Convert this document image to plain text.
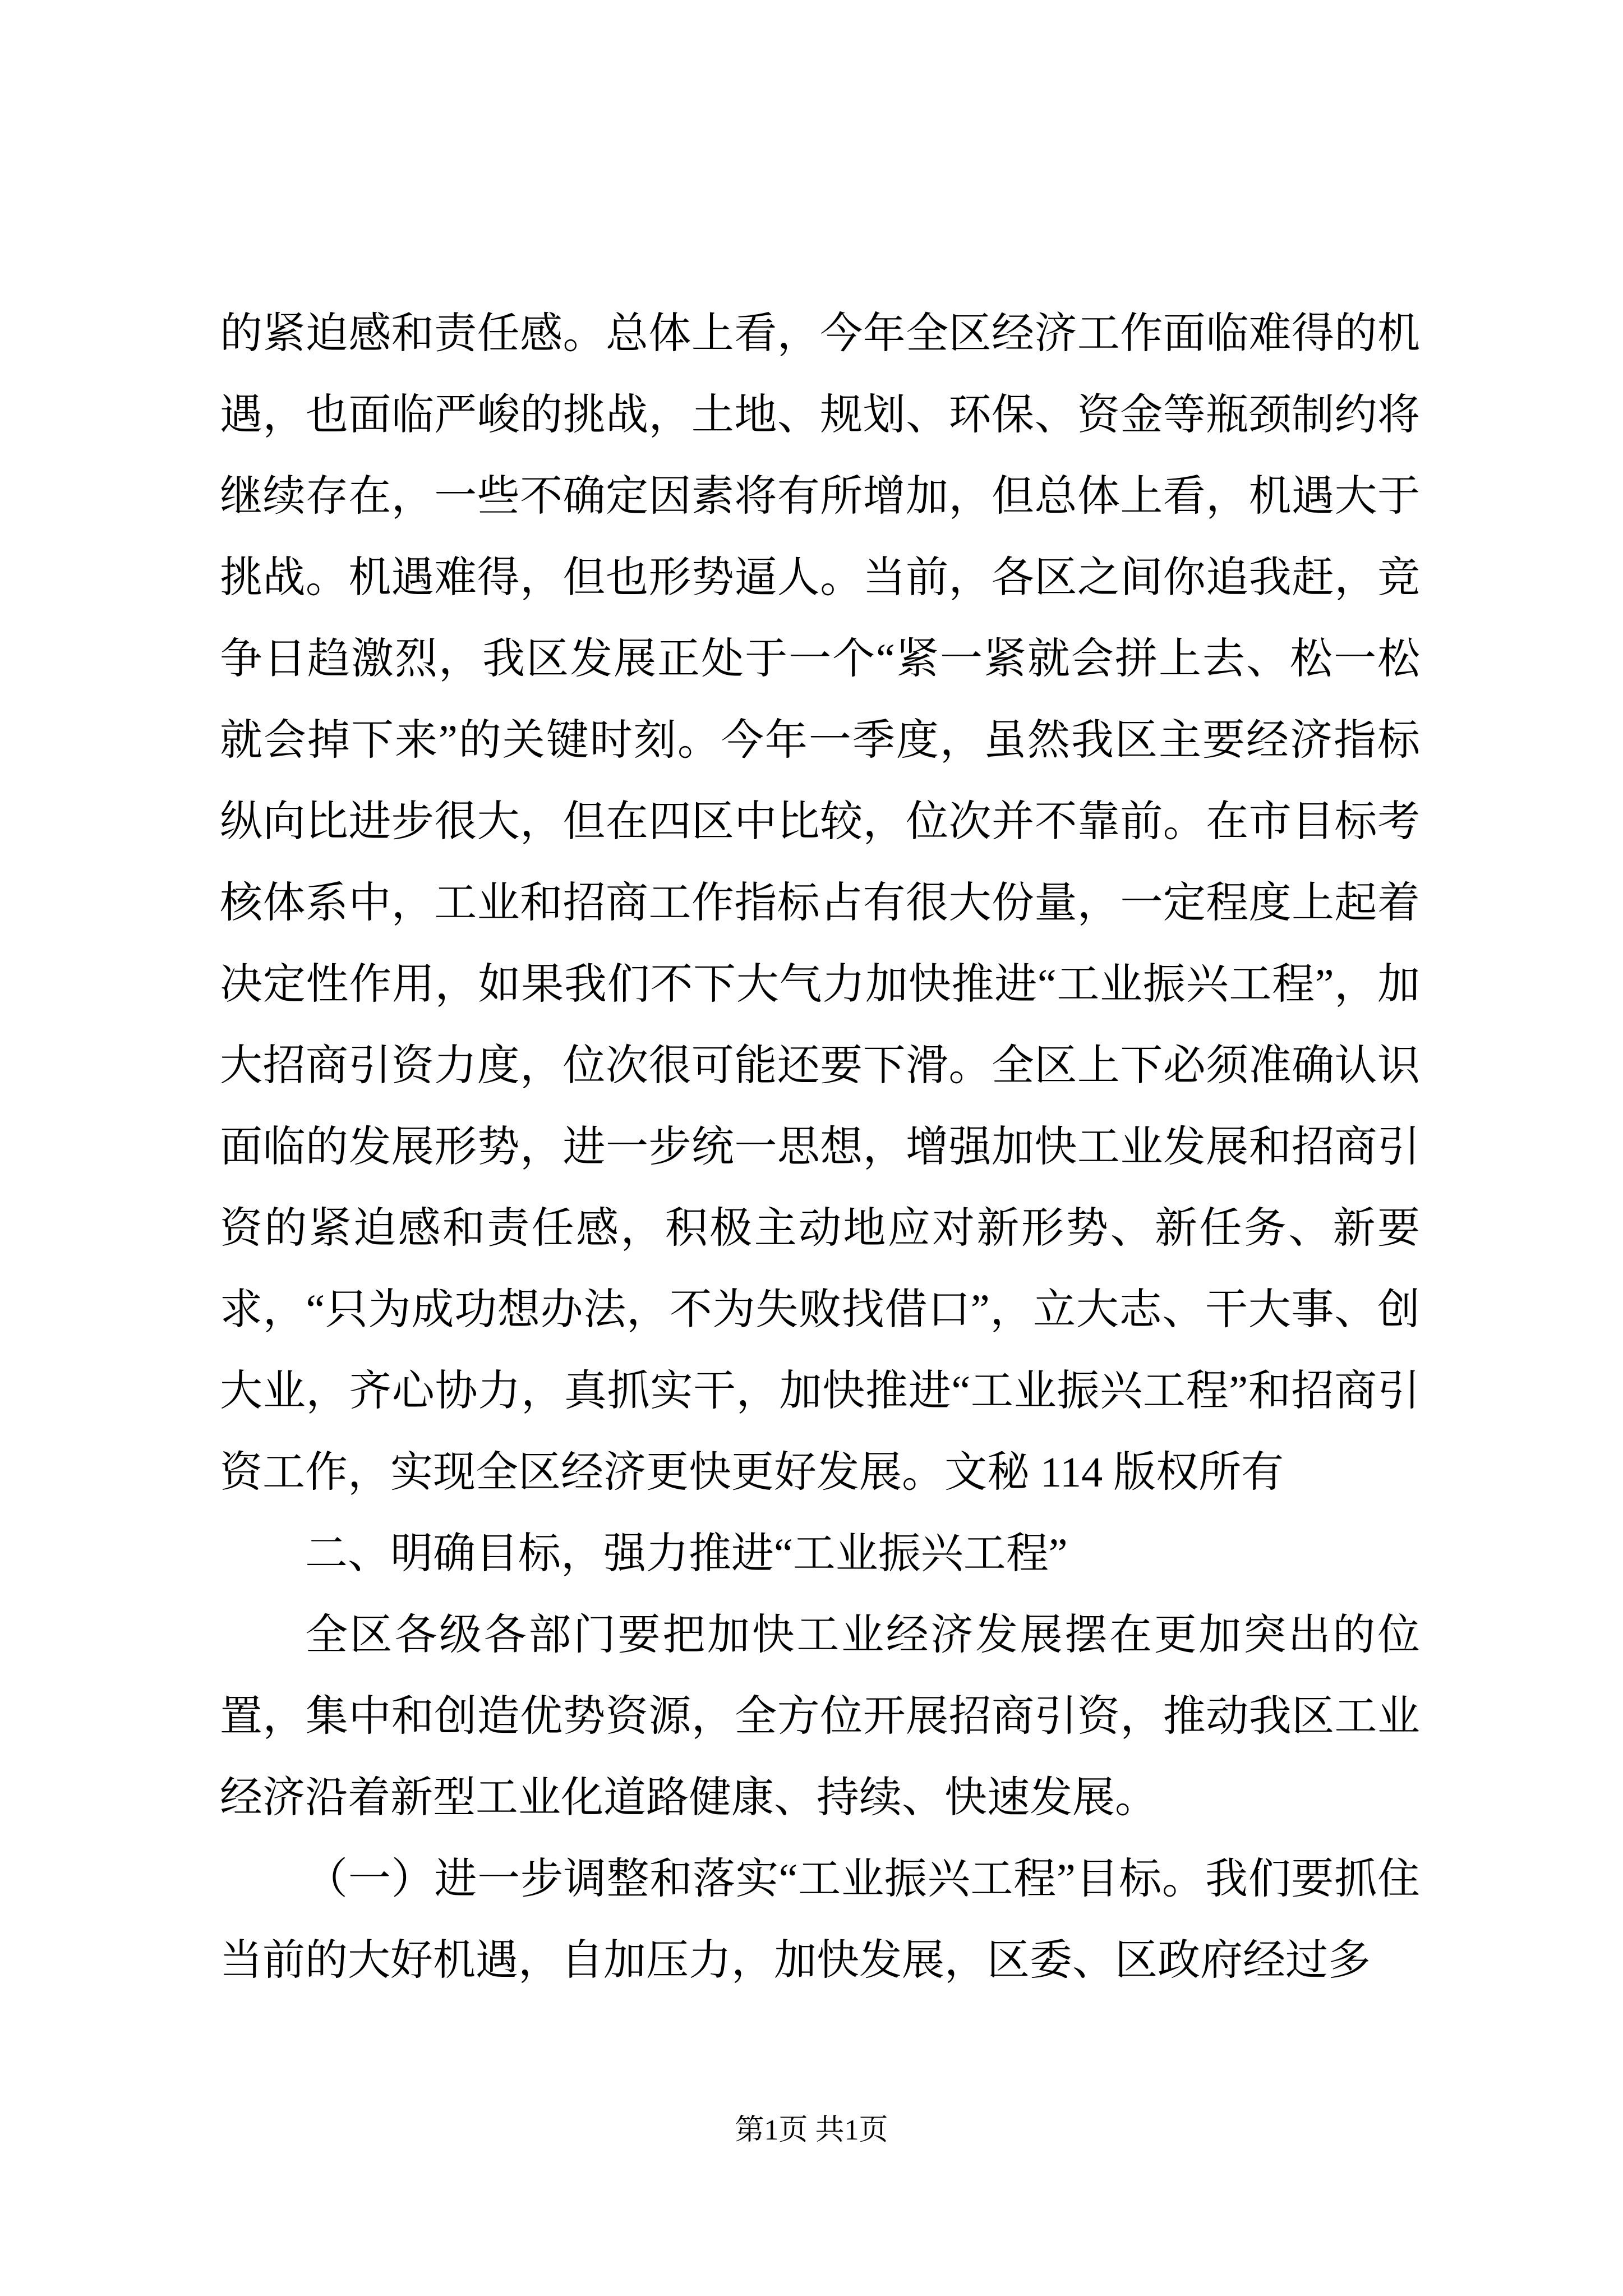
的紧迫感和责任感。总体上看，今年全区经济工作面临难得的机遇，也面临严峻的挑战，土地、规划、环保、资金等瓶颈制约将继续存在，一些不确定因素将有所增加，但总体上看，机遇大于挑战。机遇难得，但也形势逼人。当前，各区之间你追我赶，竞争日趋激烈，我区发展正处于一个“紧一紧就会拼上去、松一松就会掉下来”的关键时刻。今年一季度，虽然我区主要经济指标纵向比进步很大，但在四区中比较，位次并不靠前。在市目标考核体系中，工业和招商工作指标占有很大份量，一定程度上起着决定性作用，如果我们不下大气力加快推进“工业振兴工程”，加大招商引资力度，位次很可能还要下滑。全区上下必须准确认识面临的发展形势，进一步统一思想，增强加快工业发展和招商引资的紧迫感和责任感，积极主动地应对新形势、新任务、新要求，“只为成功想办法，不为失败找借口”，立大志、干大事、创大业，齐心协力，真抓实干，加快推进“工业振兴工程”和招商引资工作，实现全区经济更快更好发展。文秘 114 版权所有

二、明确目标，强力推进“工业振兴工程”

全区各级各部门要把加快工业经济发展摆在更加突出的位置，集中和创造优势资源，全方位开展招商引资，推动我区工业经济沿着新型工业化道路健康、持续、快速发展。

（一）进一步调整和落实“工业振兴工程”目标。我们要抓住当前的大好机遇，自加压力，加快发展，区委、区政府经过多

第1页 共1页
